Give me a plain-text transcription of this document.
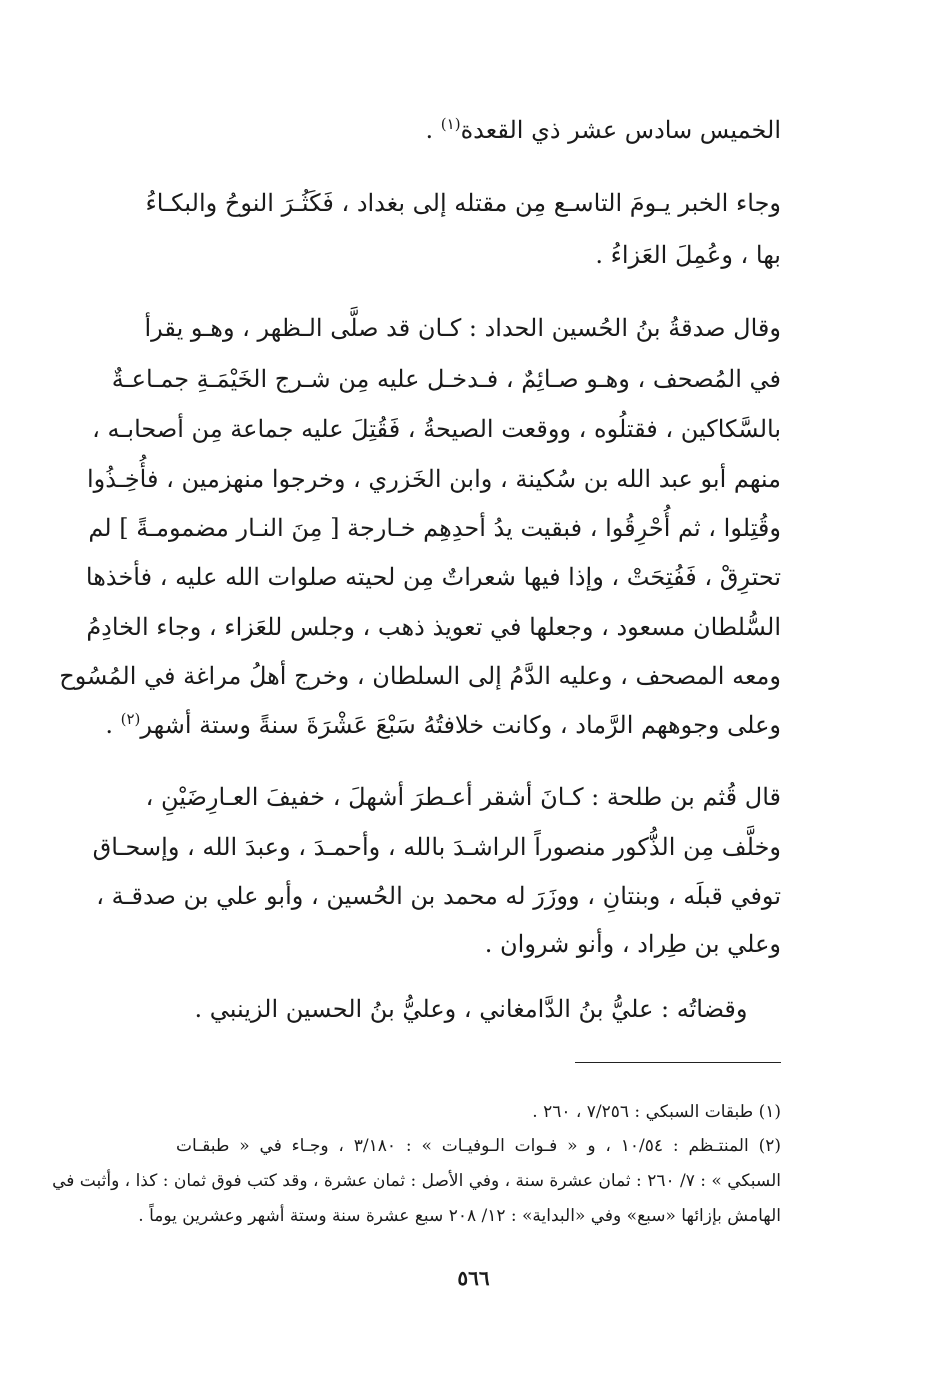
الخميس سادس عشر ذي القعدة$^{(١)}$ .
وجاء الخبر يـومَ التاسـع مِن مقتله إلى بغداد ، فَكَثُـرَ النوحُ والبكـاءُ
بها ، وعُمِلَ العَزاءُ .
وقال صدقةُ بنُ الحُسين الحداد : كـان قد صلَّى الـظهر ، وهـو يقرأ
في المُصحف ، وهـو صـائِمٌ ، فـدخـل عليه مِن شـرج الخَيْمَـةِ جمـاعـةٌ
بالسَّكاكين ، فقتلُوه ، ووقعت الصيحةُ ، فَقُتِلَ عليه جماعة مِن أصحابـه ،
منهم أبو عبد الله بن سُكينة ، وابن الخَزري ، وخرجوا منهزمين ، فأُخِـذُوا
وقُتِلوا ، ثم أُحْرِقُوا ، فبقيت يدُ أحدِهِم خـارجة [ مِنَ النـار مضمومـةً ] لم
تحترِقْ ، فَفُتِحَتْ ، وإذا فيها شعراتٌ مِن لحيته صلوات الله عليه ، فأخذها
السُّلطان مسعود ، وجعلها في تعويذ ذهب ، وجلس للعَزاء ، وجاء الخادِمُ
ومعه المصحف ، وعليه الدَّمُ إلى السلطان ، وخرج أهلُ مراغة في المُسُوح
وعلى وجوههم الرَّماد ، وكانت خلافتُهُ سَبْعَ عَشْرَةَ سنةً وستة أشهر$^{(٢)}$ .
قال قُثم بن طلحة : كـانَ أشقر أعـطرَ أشهلَ ، خفيفَ العـارِضَيْنِ ،
وخلَّف مِن الذُّكور منصوراً الراشـدَ بالله ، وأحمـدَ ، وعبدَ الله ، وإسحـاق
توفي قبلَه ، وبنتانِ ، ووزَرَ له محمد بن الحُسين ، وأبو علي بن صدقـة ،
وعلي بن طِراد ، وأنو شروان .
وقضاتُه : عليُّ بنُ الدَّامغاني ، وعليُّ بنُ الحسين الزينبي .
(١) طبقات السبكي : ٧/٢٥٦ ، ٢٦٠ .
(٢) المنتـظم : ١٠/٥٤ ، و « فـوات الـوفيـات » : ٣/١٨٠ ، وجـاء في « طبقـات
السبكي » : ٧/ ٢٦٠ : ثمان عشرة سنة ، وفي الأصل : ثمان عشرة ، وقد كتب فوق ثمان : كذا ، وأثبت في
الهامش بإزائها «سبع» وفي «البداية» : ١٢/ ٢٠٨ سبع عشرة سنة وستة أشهر وعشرين يوماً .
٥٦٦
